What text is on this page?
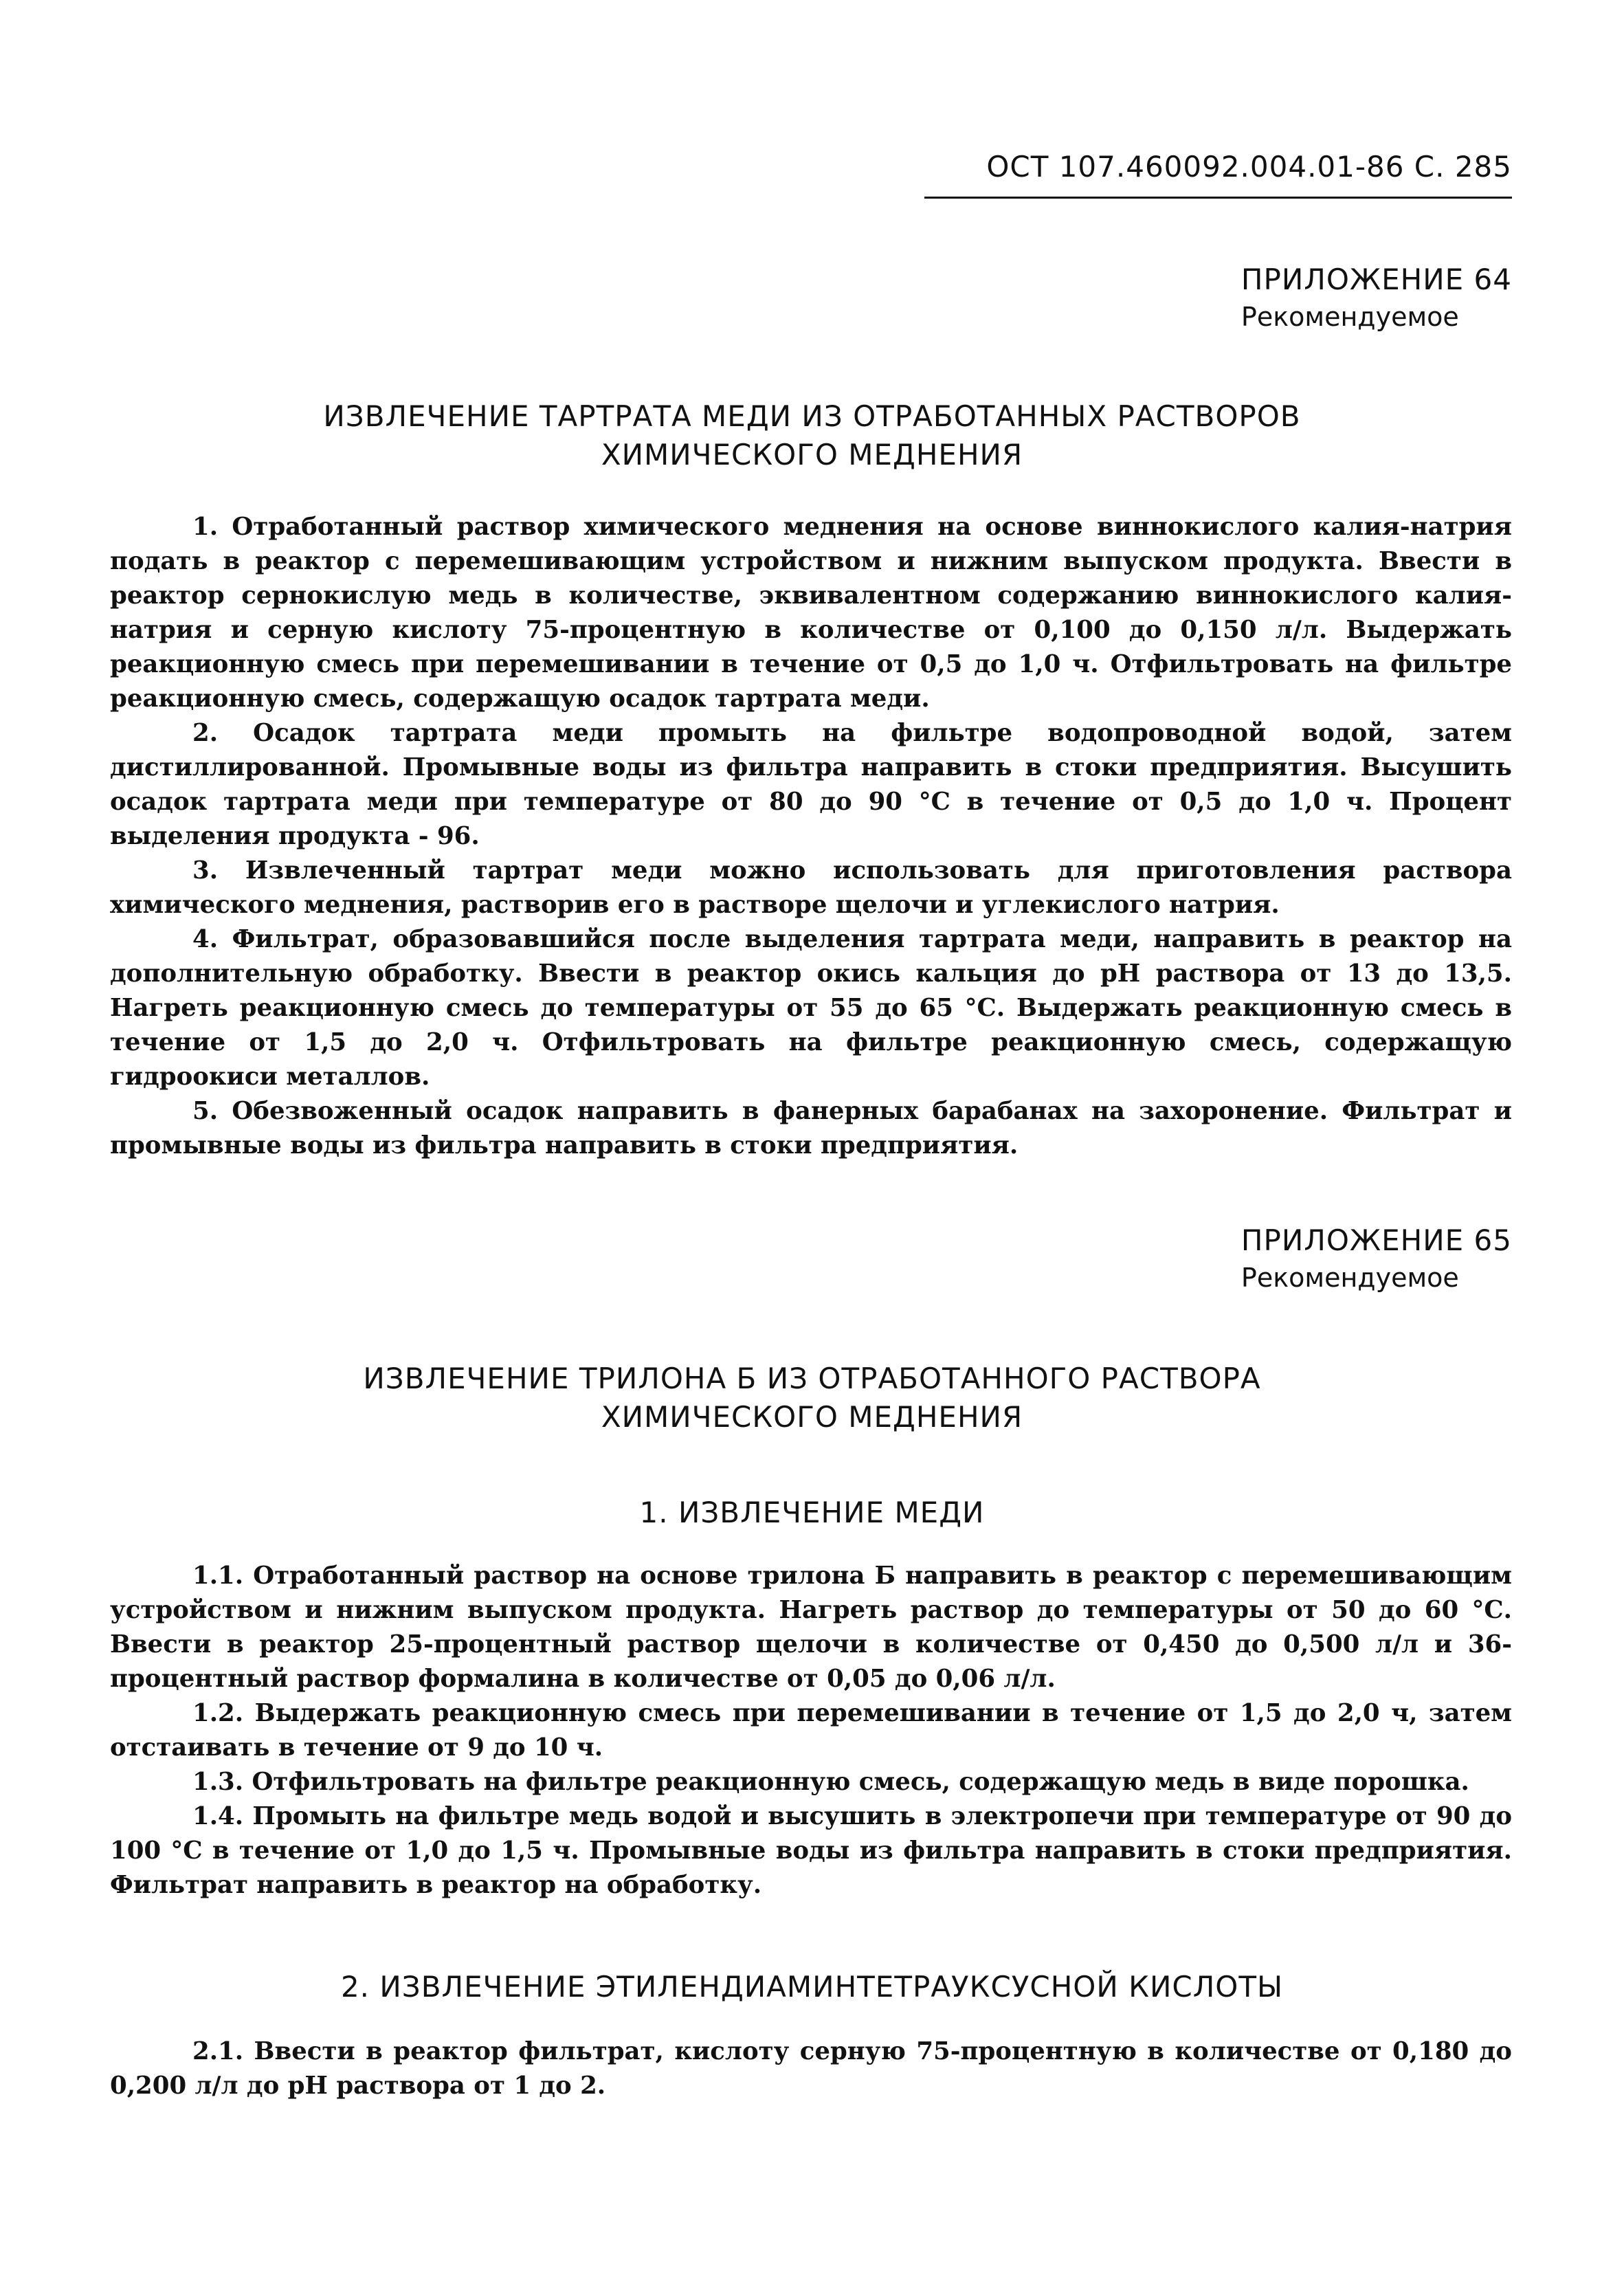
ОСТ 107.460092.004.01-86 С. 285
ПРИЛОЖЕНИЕ 64
Рекомендуемое
ИЗВЛЕЧЕНИЕ ТАРТРАТА МЕДИ ИЗ ОТРАБОТАННЫХ РАСТВОРОВ
ХИМИЧЕСКОГО МЕДНЕНИЯ

1. Отработанный раствор химического меднения на основе виннокислого калия-натрия подать в реактор с перемешивающим устройством и нижним выпуском продукта. Ввести в реактор сернокислую медь в количестве, эквивалентном содержанию виннокислого калия-натрия и серную кислоту 75-процентную в количестве от 0,100 до 0,150 л/л. Выдержать реакционную смесь при перемешивании в течение от 0,5 до 1,0 ч. Отфильтровать на фильтре реакционную смесь, содержащую осадок тартрата меди.

2. Осадок тартрата меди промыть на фильтре водопроводной водой, затем дистиллированной. Промывные воды из фильтра направить в стоки предприятия. Высушить осадок тартрата меди при температуре от 80 до 90 °С в течение от 0,5 до 1,0 ч. Процент выделения продукта - 96.

3. Извлеченный тартрат меди можно использовать для приготовления раствора химического меднения, растворив его в растворе щелочи и углекислого натрия.

4. Фильтрат, образовавшийся после выделения тартрата меди, направить в реактор на дополнительную обработку. Ввести в реактор окись кальция до рН раствора от 13 до 13,5. Нагреть реакционную смесь до температуры от 55 до 65 °С. Выдержать реакционную смесь в течение от 1,5 до 2,0 ч. Отфильтровать на фильтре реакционную смесь, содержащую гидроокиси металлов.

5. Обезвоженный осадок направить в фанерных барабанах на захоронение. Фильтрат и промывные воды из фильтра направить в стоки предприятия.

ПРИЛОЖЕНИЕ 65
Рекомендуемое
ИЗВЛЕЧЕНИЕ ТРИЛОНА Б ИЗ ОТРАБОТАННОГО РАСТВОРА
ХИМИЧЕСКОГО МЕДНЕНИЯ
1. ИЗВЛЕЧЕНИЕ МЕДИ

1.1. Отработанный раствор на основе трилона Б направить в реактор с перемешивающим устройством и нижним выпуском продукта. Нагреть раствор до температуры от 50 до 60 °С. Ввести в реактор 25-процентный раствор щелочи в количестве от 0,450 до 0,500 л/л и 36-процентный раствор формалина в количестве от 0,05 до 0,06 л/л.

1.2. Выдержать реакционную смесь при перемешивании в течение от 1,5 до 2,0 ч, затем отстаивать в течение от 9 до 10 ч.

1.3. Отфильтровать на фильтре реакционную смесь, содержащую медь в виде порошка.

1.4. Промыть на фильтре медь водой и высушить в электропечи при температуре от 90 до 100 °С в течение от 1,0 до 1,5 ч. Промывные воды из фильтра направить в стоки предприятия. Фильтрат направить в реактор на обработку.

2. ИЗВЛЕЧЕНИЕ ЭТИЛЕНДИАМИНТЕТРАУКСУСНОЙ КИСЛОТЫ

2.1. Ввести в реактор фильтрат, кислоту серную 75-процентную в количестве от 0,180 до 0,200 л/л до рН раствора от 1 до 2.
